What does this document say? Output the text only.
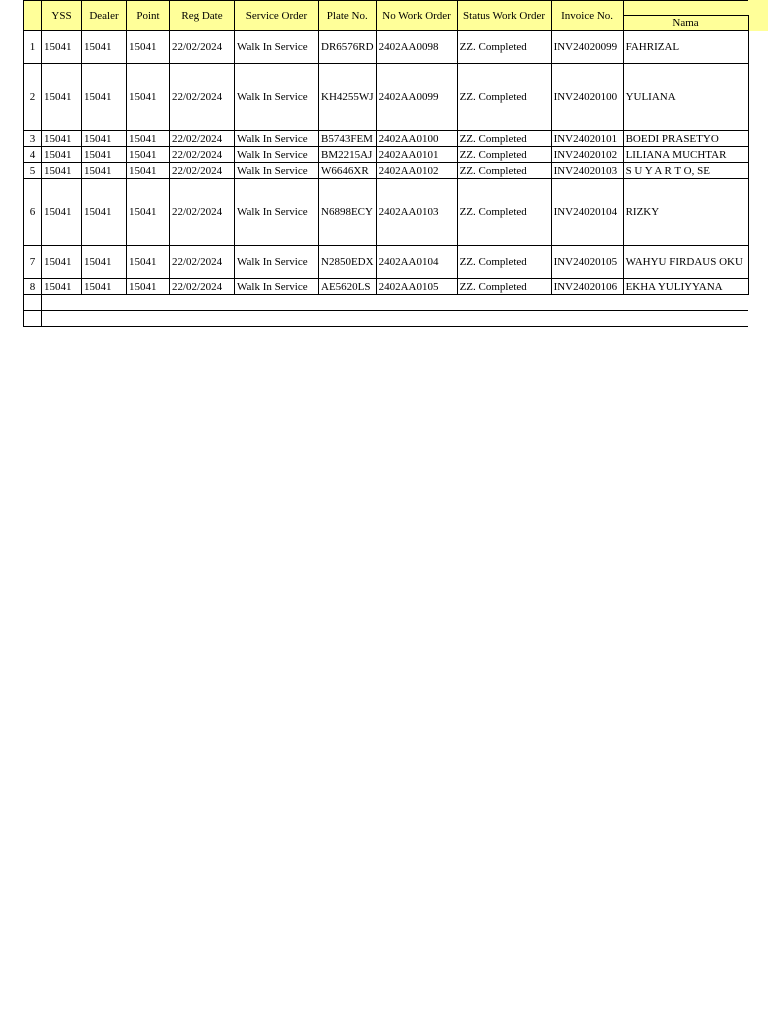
	YSS	Dealer	Point	Reg Date	Service Order	Plate No.	No Work Order	Status Work Order	Invoice No.	
										Nama
1	15041	15041	15041	22/02/2024	Walk In Service	DR6576RD	2402AA0098	ZZ. Completed	INV24020099	FAHRIZAL
2	15041	15041	15041	22/02/2024	Walk In Service	KH4255WJ	2402AA0099	ZZ. Completed	INV24020100	YULIANA
3	15041	15041	15041	22/02/2024	Walk In Service	B5743FEM	2402AA0100	ZZ. Completed	INV24020101	BOEDI PRASETYO
4	15041	15041	15041	22/02/2024	Walk In Service	BM2215AJ	2402AA0101	ZZ. Completed	INV24020102	LILIANA MUCHTAR
5	15041	15041	15041	22/02/2024	Walk In Service	W6646XR	2402AA0102	ZZ. Completed	INV24020103	S U Y A R T O, SE
6	15041	15041	15041	22/02/2024	Walk In Service	N6898ECY	2402AA0103	ZZ. Completed	INV24020104	RIZKY
7	15041	15041	15041	22/02/2024	Walk In Service	N2850EDX	2402AA0104	ZZ. Completed	INV24020105	WAHYU FIRDAUS OKU
8	15041	15041	15041	22/02/2024	Walk In Service	AE5620LS	2402AA0105	ZZ. Completed	INV24020106	EKHA YULIYYANA
